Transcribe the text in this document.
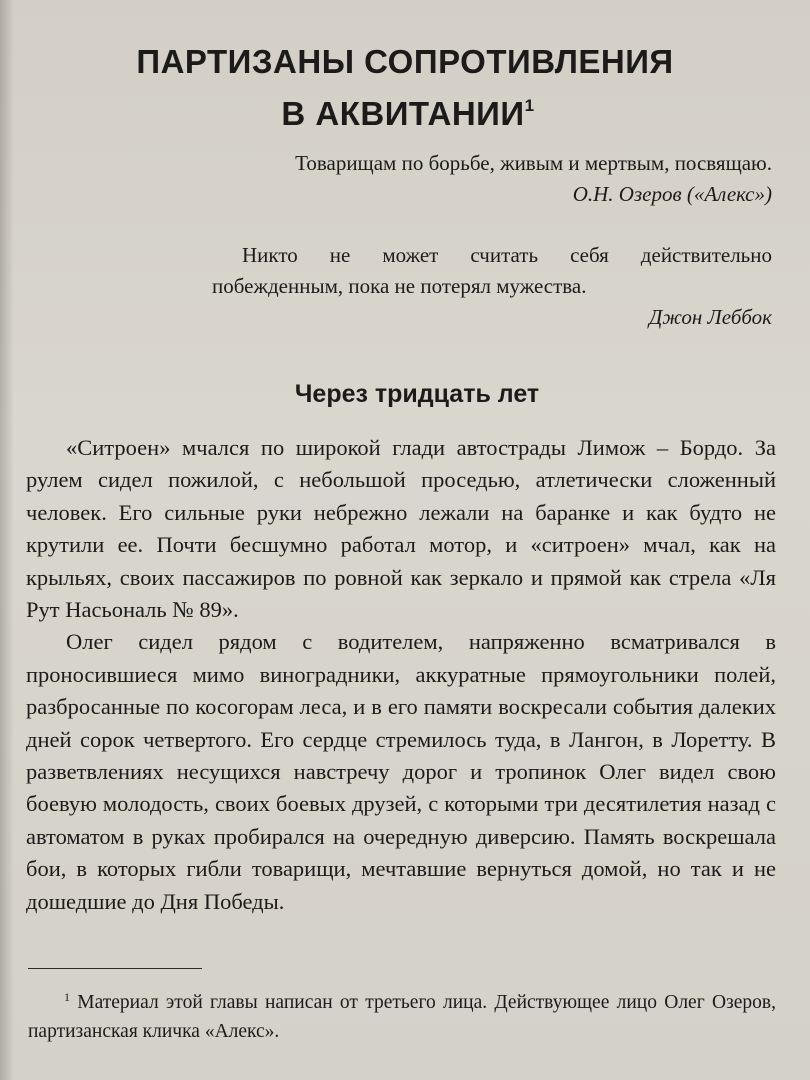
ПАРТИЗАНЫ СОПРОТИВЛЕНИЯ
В АКВИТАНИИ$^1$

Товарищам по борьбе, живым и мертвым, посвящаю.

О.Н. Озеров («Алекс»)

Никто не может считать себя действительно побежденным, пока не потерял мужества.

Джон Леббок

Через тридцать лет

«Ситроен» мчался по широкой глади автострады Лимож – Бордо. За рулем сидел пожилой, с небольшой проседью, атлетически сложенный человек. Его сильные руки небрежно лежали на баранке и как будто не крутили ее. Почти бесшумно работал мотор, и «ситроен» мчал, как на крыльях, своих пассажиров по ровной как зеркало и прямой как стрела «Ля Рут Насьональ № 89».

Олег сидел рядом с водителем, напряженно всматривался в проносившиеся мимо виноградники, аккуратные прямоугольники полей, разбросанные по косогорам леса, и в его памяти воскресали события далеких дней сорок четвертого. Его сердце стремилось туда, в Лангон, в Лоретту. В разветвлениях несущихся навстречу дорог и тропинок Олег видел свою боевую молодость, своих боевых друзей, с которыми три десятилетия назад с автоматом в руках пробирался на очередную диверсию. Память воскрешала бои, в которых гибли товарищи, мечтавшие вернуться домой, но так и не дошедшие до Дня Победы.

$^1$ Материал этой главы написан от третьего лица. Действующее лицо Олег Озеров, партизанская кличка «Алекс».
